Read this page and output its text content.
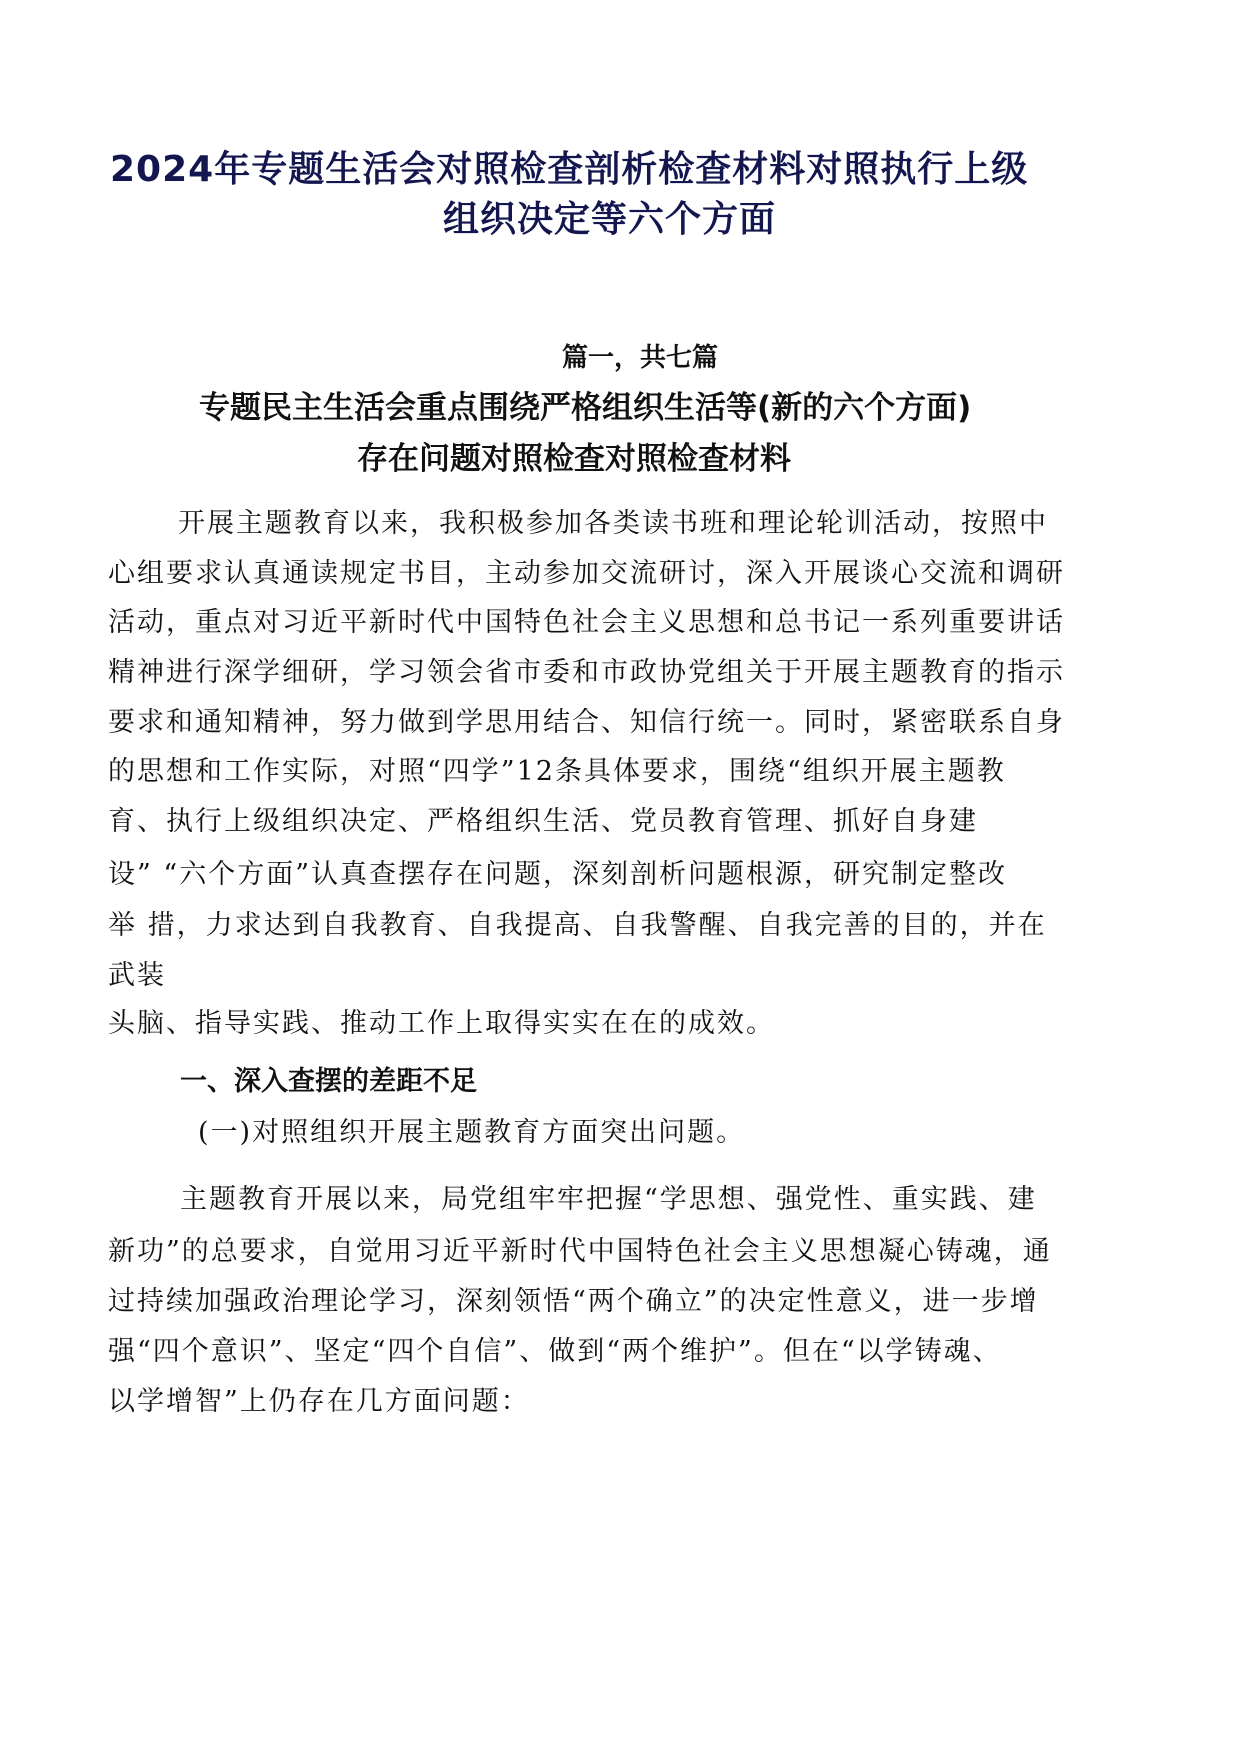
2024年专题生活会对照检查剖析检查材料对照执行上级
组织决定等六个方面

篇一，共七篇

专题民主生活会重点围绕严格组织生活等(新的六个方面)
存在问题对照检查对照检查材料

开展主题教育以来，我积极参加各类读书班和理论轮训活动，按照中

心组要求认真通读规定书目，主动参加交流研讨，深入开展谈心交流和调研

活动，重点对习近平新时代中国特色社会主义思想和总书记一系列重要讲话

精神进行深学细研，学习领会省市委和市政协党组关于开展主题教育的指示

要求和通知精神，努力做到学思用结合、知信行统一。同时，紧密联系自身

的思想和工作实际，对照“四学”12条具体要求，围绕“组织开展主题教

育、执行上级组织决定、严格组织生活、党员教育管理、抓好自身建

设” “六个方面”认真查摆存在问题，深刻剖析问题根源，研究制定整改

举 措，力求达到自我教育、自我提高、自我警醒、自我完善的目的，并在

武装

头脑、指导实践、推动工作上取得实实在在的成效。

一、深入查摆的差距不足

(一)对照组织开展主题教育方面突出问题。

主题教育开展以来，局党组牢牢把握“学思想、强党性、重实践、建

新功”的总要求，自觉用习近平新时代中国特色社会主义思想凝心铸魂，通

过持续加强政治理论学习，深刻领悟“两个确立”的决定性意义，进一步增

强“四个意识”、坚定“四个自信”、做到“两个维护”。但在“以学铸魂、

以学增智”上仍存在几方面问题：
